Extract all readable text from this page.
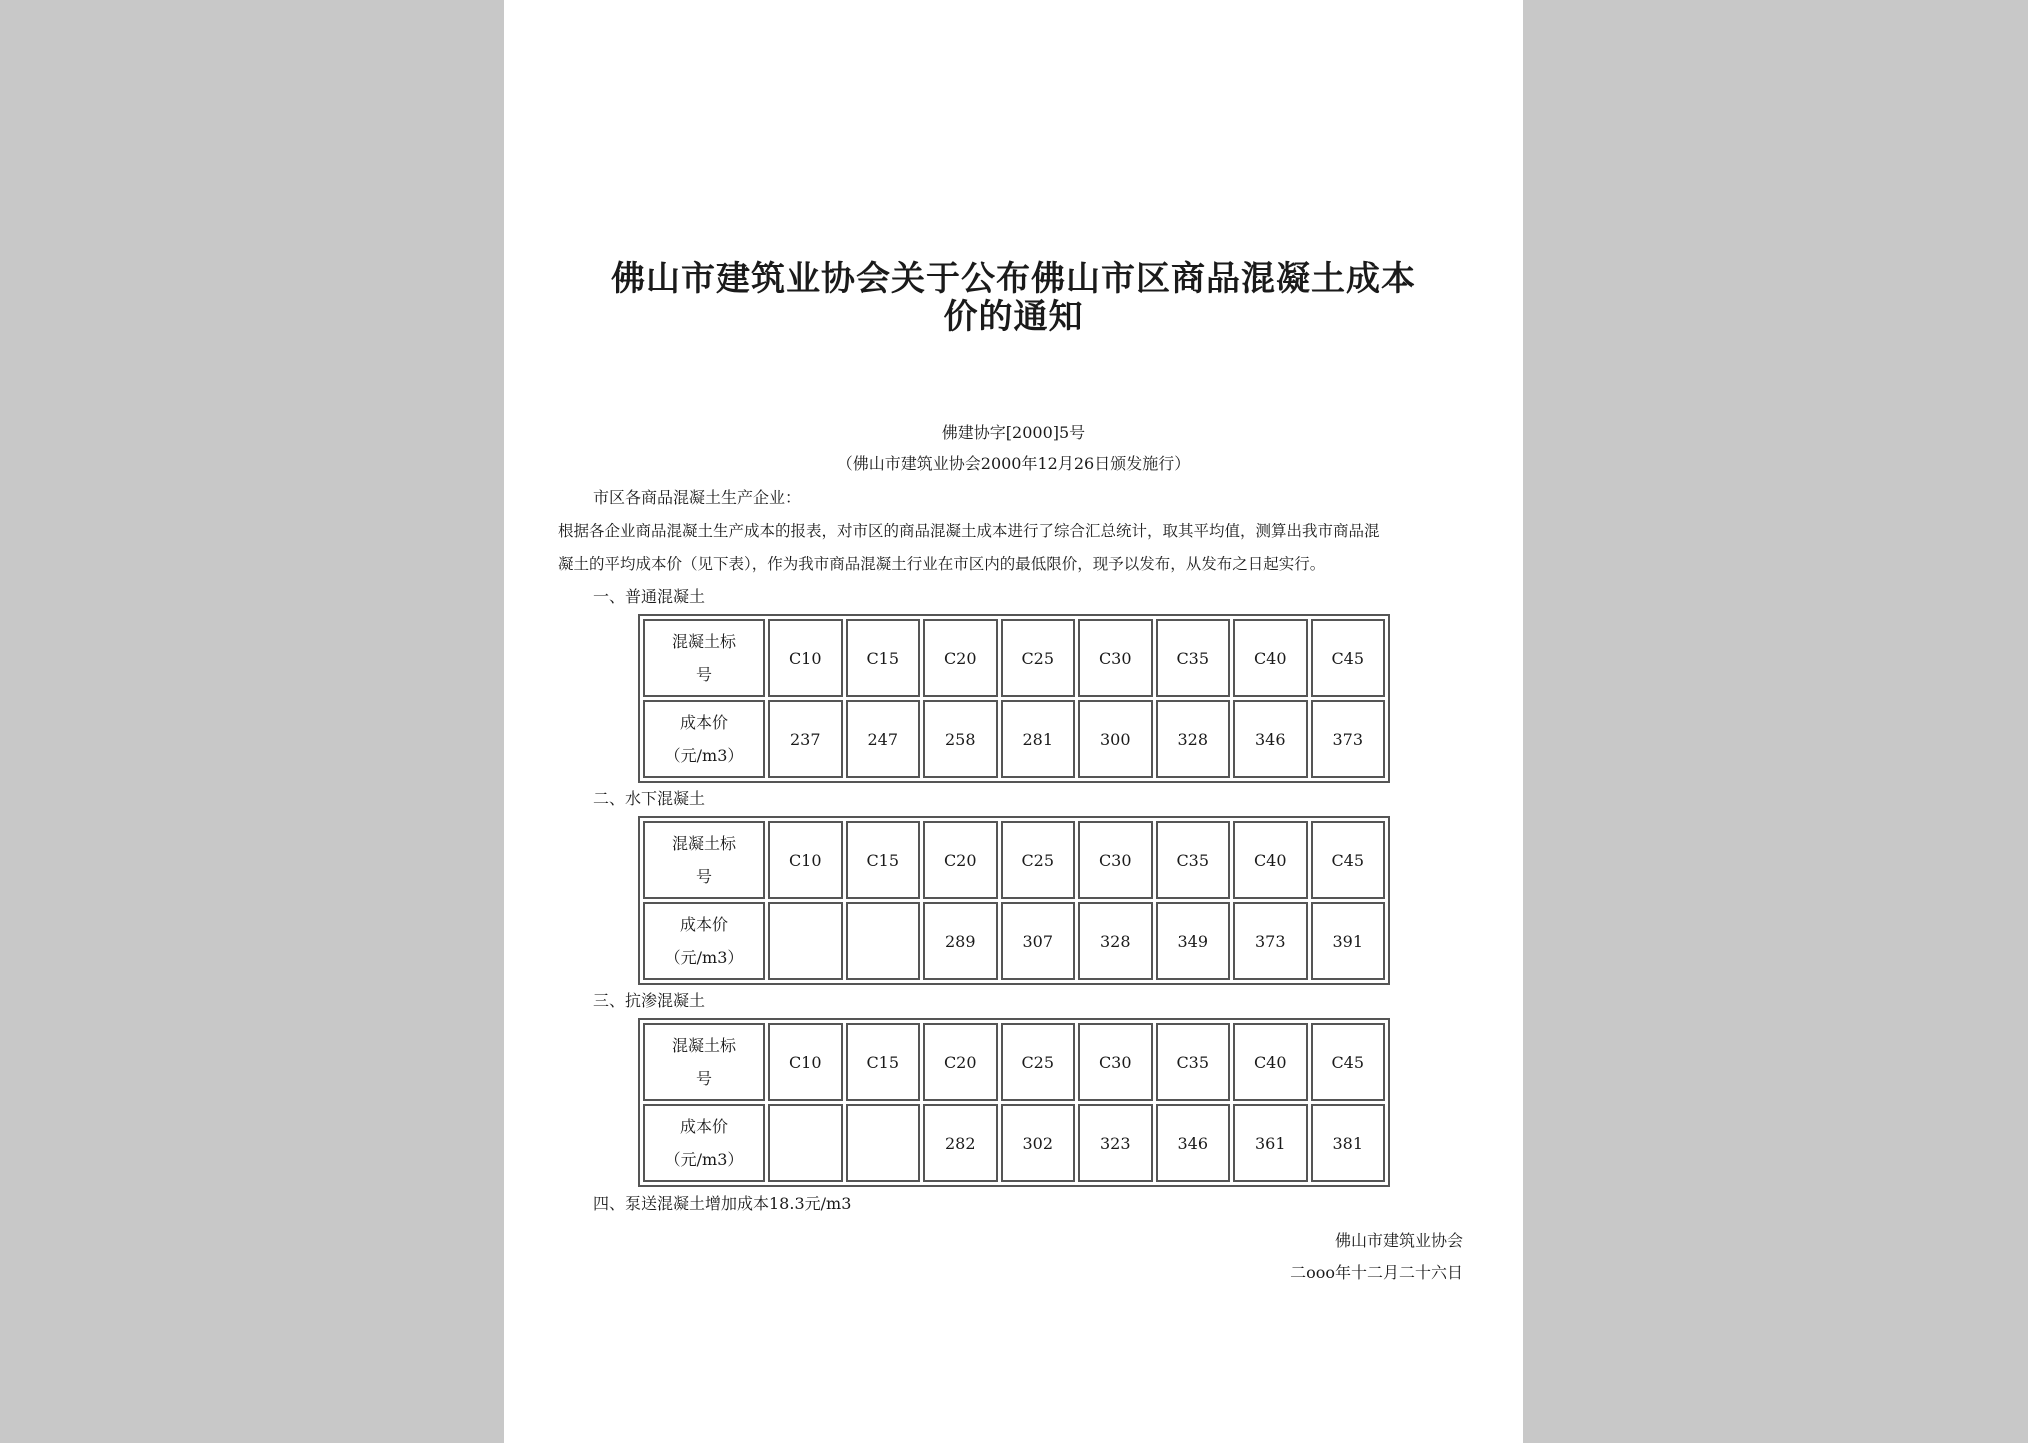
佛山市建筑业协会关于公布佛山市区商品混凝土成本
价的通知
佛建协字[2000]5号
（佛山市建筑业协会2000年12月26日颁发施行）
市区各商品混凝土生产企业：
根据各企业商品混凝土生产成本的报表，对市区的商品混凝土成本进行了综合汇总统计，取其平均值，测算出我市商品混
凝土的平均成本价（见下表），作为我市商品混凝土行业在市区内的最低限价，现予以发布，从发布之日起实行。
一、普通混凝土
混凝土标
号	C10	C15	C20	C25	C30	C35	C40	C45

成本价
（元/m3）	237	247	258	281	300	328	346	373
二、水下混凝土
混凝土标
号	C10	C15	C20	C25	C30	C35	C40	C45

成本价
（元/m3）			289	307	328	349	373	391
三、抗渗混凝土
混凝土标
号	C10	C15	C20	C25	C30	C35	C40	C45

成本价
（元/m3）			282	302	323	346	361	381
四、泵送混凝土增加成本18.3元/m3
佛山市建筑业协会
二ooo年十二月二十六日
